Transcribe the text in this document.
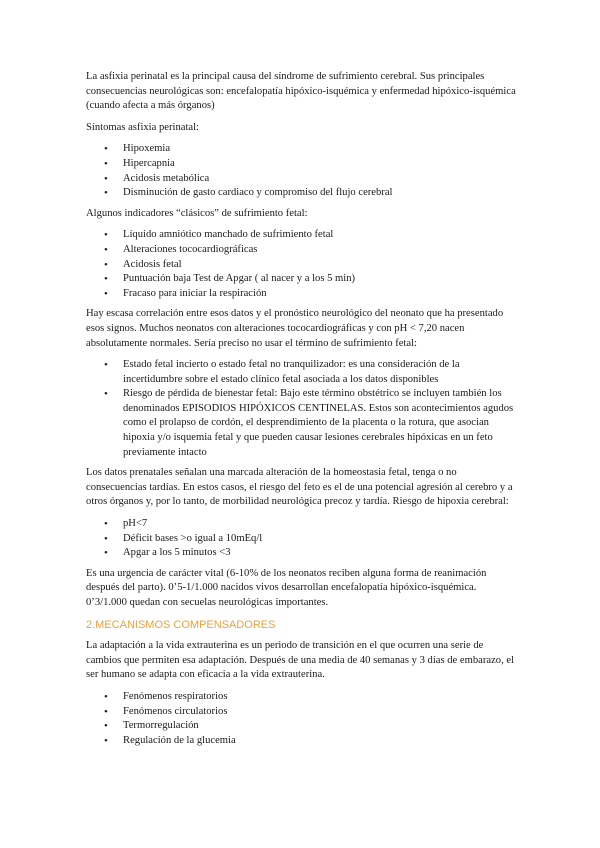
La asfixia perinatal es la principal causa del síndrome de sufrimiento cerebral. Sus principales consecuencias neurológicas son: encefalopatía hipóxico-isquémica y enfermedad hipóxico-isquémica (cuando afecta a más órganos)

Síntomas asfixia perinatal:

• Hipoxemia
• Hipercapnia
• Acidosis metabólica
• Disminución de gasto cardiaco y compromiso del flujo cerebral

Algunos indicadores “clásicos” de sufrimiento fetal:

• Líquido amniótico manchado de sufrimiento fetal
• Alteraciones tococardiográficas
• Acidosis fetal
• Puntuación baja Test de Apgar ( al nacer y a los 5 min)
• Fracaso para iniciar la respiración

Hay escasa correlación entre esos datos y el pronóstico neurológico del neonato que ha presentado esos signos. Muchos neonatos con alteraciones tococardiográficas y con pH < 7,20 nacen absolutamente normales. Sería preciso no usar el término de sufrimiento fetal:

• Estado fetal incierto o estado fetal no tranquilizador: es una consideración de la incertidumbre sobre el estado clínico fetal asociada a los datos disponibles
• Riesgo de pérdida de bienestar fetal: Bajo este término obstétrico se incluyen también los denominados EPISODIOS HIPÓXICOS CENTINELAS. Estos son acontecimientos agudos como el prolapso de cordón, el desprendimiento de la placenta o la rotura, que asocian hipoxia y/o isquemia fetal y que pueden causar lesiones cerebrales hipóxicas en un feto previamente intacto

Los datos prenatales señalan una marcada alteración de la homeostasia fetal, tenga o no consecuencias tardías. En estos casos, el riesgo del feto es el de una potencial agresión al cerebro y a otros órganos y, por lo tanto, de morbilidad neurológica precoz y tardía. Riesgo de hipoxia cerebral:

• pH<7
• Déficit bases >o igual a 10mEq/l
• Apgar a los 5 minutos <3

Es una urgencia de carácter vital (6-10% de los neonatos reciben alguna forma de reanimación después del parto). 0’5-1/1.000 nacidos vivos desarrollan encefalopatía hipóxico-isquémica. 0’3/1.000 quedan con secuelas neurológicas importantes.

2.MECANISMOS COMPENSADORES

La adaptación a la vida extrauterina es un periodo de transición en el que ocurren una serie de cambios que permiten esa adaptación. Después de una media de 40 semanas y 3 días de embarazo, el ser humano se adapta con eficacia a la vida extrauterina.

• Fenómenos respiratorios
• Fenómenos circulatorios
• Termorregulación
• Regulación de la glucemia
